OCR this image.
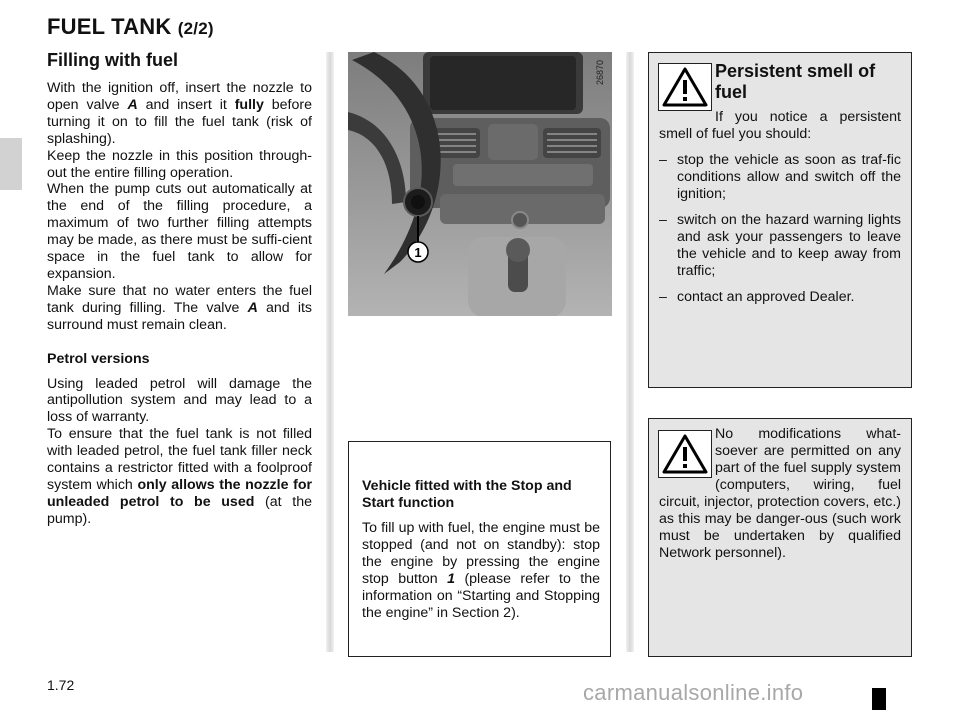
FUEL TANK (2/2)
Filling with fuel

With the ignition off, insert the nozzle to open valve A and insert it fully before turning it on to fill the fuel tank (risk of splashing).

Keep the nozzle in this position through-out the entire filling operation.

When the pump cuts out automatically at the end of the filling procedure, a maximum of two further filling attempts may be made, as there must be suffi-cient space in the fuel tank to allow for expansion.

Make sure that no water enters the fuel tank during filling. The valve A and its surround must remain clean.

Petrol versions

Using leaded petrol will damage the antipollution system and may lead to a loss of warranty.

To ensure that the fuel tank is not filled with leaded petrol, the fuel tank filler neck contains a restrictor fitted with a foolproof system which only allows the nozzle for unleaded petrol to be used (at the pump).

1
26870
Vehicle fitted with the Stop and Start function

To fill up with fuel, the engine must be stopped (and not on standby): stop the engine by pressing the engine stop button 1 (please refer to the information on “Starting and Stopping the engine” in Section 2).

Persistent smell of fuel

If you notice a persistent smell of fuel you should:

– stop the vehicle as soon as traf-fic conditions allow and switch off the ignition;
– switch on the hazard warning lights and ask your passengers to leave the vehicle and to keep away from traffic;
– contact an approved Dealer.

No modifications what-soever are permitted on any part of the fuel supply system (computers, wiring, fuel circuit, injector, protection covers, etc.) as this may be danger-ous (such work must be undertaken by qualified Network personnel).

1.72	carmanualsonline.info
